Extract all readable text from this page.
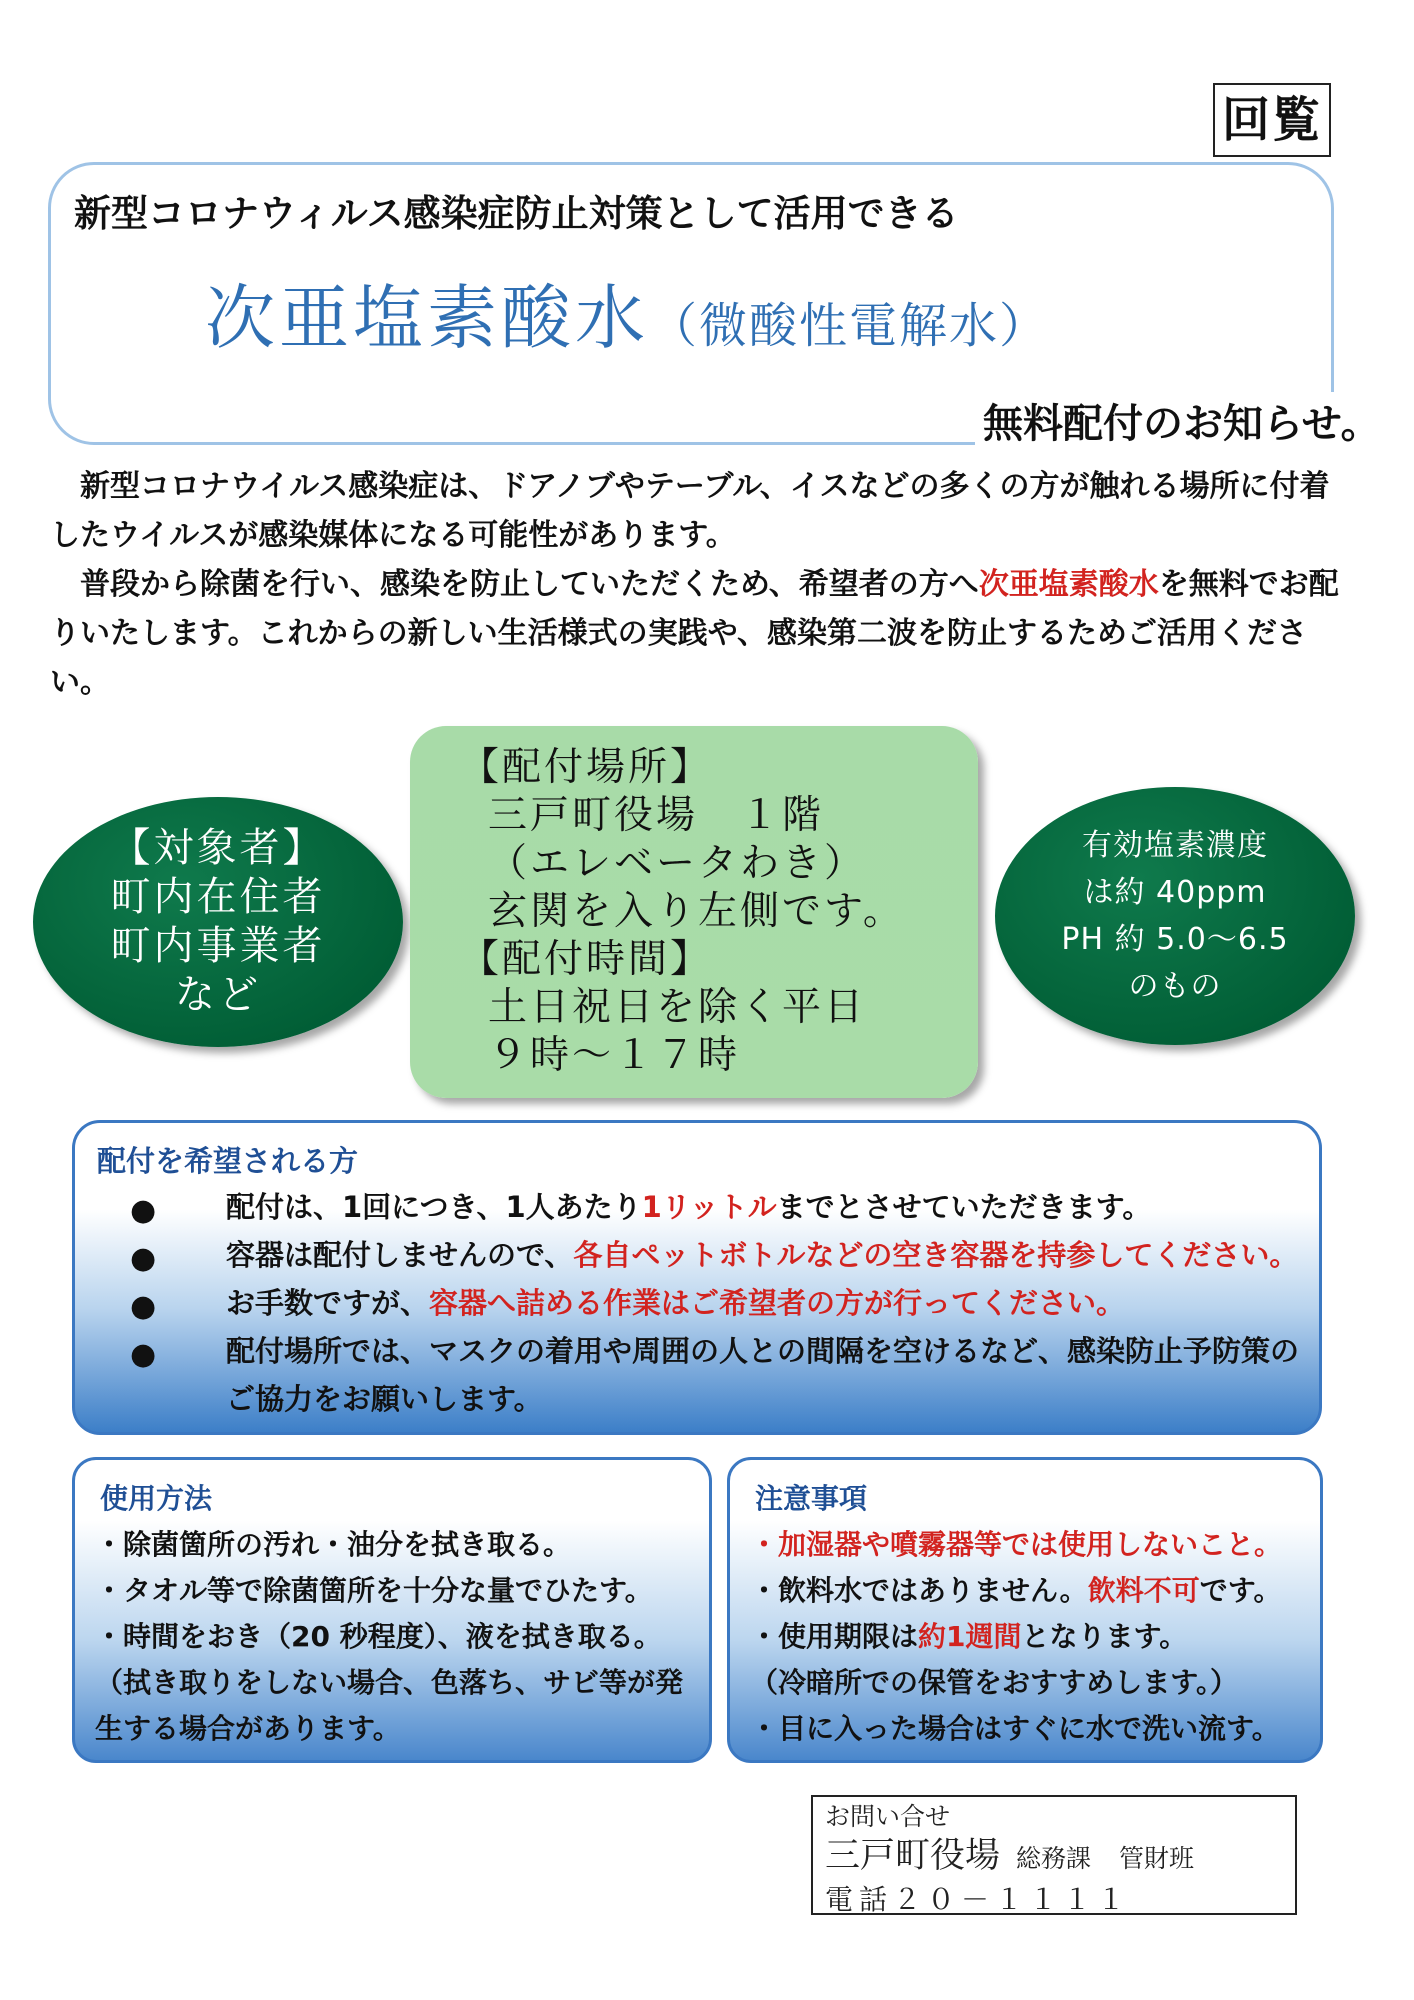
回覧
新型コロナウィルス感染症防止対策として活用できる
次亜塩素酸水（微酸性電解水）
無料配付のお知らせ。

新型コロナウイルス感染症は、ドアノブやテーブル、イスなどの多くの方が触れる場所に付着したウイルスが感染媒体になる可能性があります。

普段から除菌を行い、感染を防止していただくため、希望者の方へ次亜塩素酸水を無料でお配りいたします。これからの新しい生活様式の実践や、感染第二波を防止するためご活用ください。

【対象者】
町内在住者
町内事業者
など
【配付場所】
三戸町役場　１階
（エレベータわき）
玄関を入り左側です。
【配付時間】
土日祝日を除く平日
９時～１７時
有効塩素濃度
は約 40ppm
PH 約 5.0～6.5
のもの
配付を希望される方
● 配付は、1回につき、1人あたり1リットルまでとさせていただきます。
● 容器は配付しませんので、各自ペットボトルなどの空き容器を持参してください。
● お手数ですが、容器へ詰める作業はご希望者の方が行ってください。
● 配付場所では、マスクの着用や周囲の人との間隔を空けるなど、感染防止予防策のご協力をお願いします。
使用方法
・除菌箇所の汚れ・油分を拭き取る。
・タオル等で除菌箇所を十分な量でひたす。
・時間をおき（20 秒程度）、液を拭き取る。
（拭き取りをしない場合、色落ち、サビ等が発
生する場合があります。
注意事項
・加湿器や噴霧器等では使用しないこと。
・飲料水ではありません。飲料不可です。
・使用期限は約1週間となります。
（冷暗所での保管をおすすめします。）
・目に入った場合はすぐに水で洗い流す。
お問い合せ
三戸町役場 総務課 管財班
電話２０－１１１１
